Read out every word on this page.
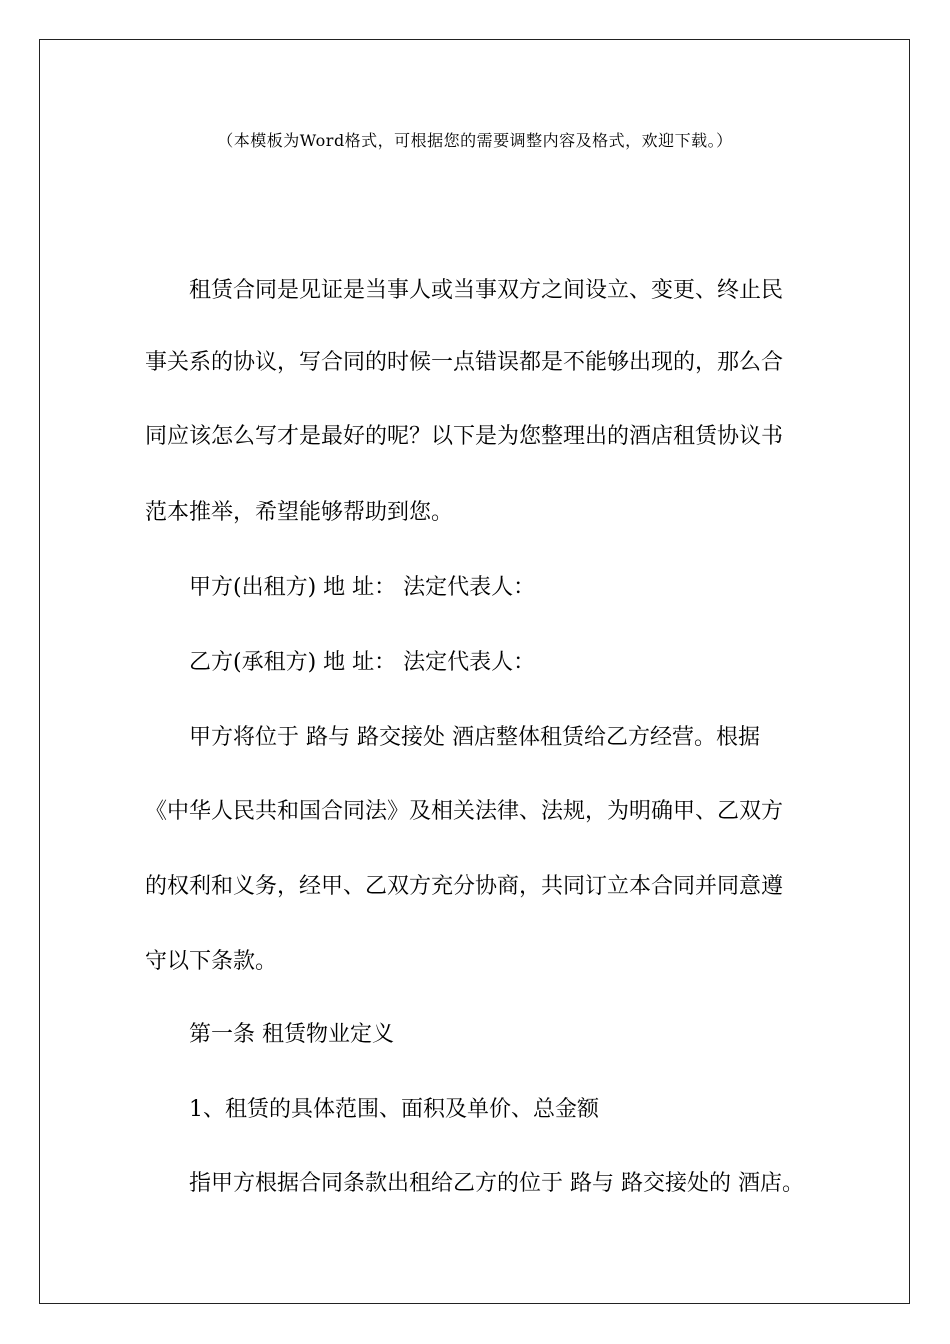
（本模板为Word格式，可根据您的需要调整内容及格式，欢迎下载。）
租赁合同是见证是当事人或当事双方之间设立、变更、终止民
事关系的协议，写合同的时候一点错误都是不能够出现的，那么合
同应该怎么写才是最好的呢？以下是为您整理出的酒店租赁协议书
范本推举，希望能够帮助到您。
甲方(出租方) 地 址： 法定代表人：
乙方(承租方) 地 址： 法定代表人：
甲方将位于 路与 路交接处 酒店整体租赁给乙方经营。根据
《中华人民共和国合同法》及相关法律、法规，为明确甲、乙双方
的权利和义务，经甲、乙双方充分协商，共同订立本合同并同意遵
守以下条款。
第一条 租赁物业定义
1、租赁的具体范围、面积及单价、总金额
指甲方根据合同条款出租给乙方的位于 路与 路交接处的 酒店。
